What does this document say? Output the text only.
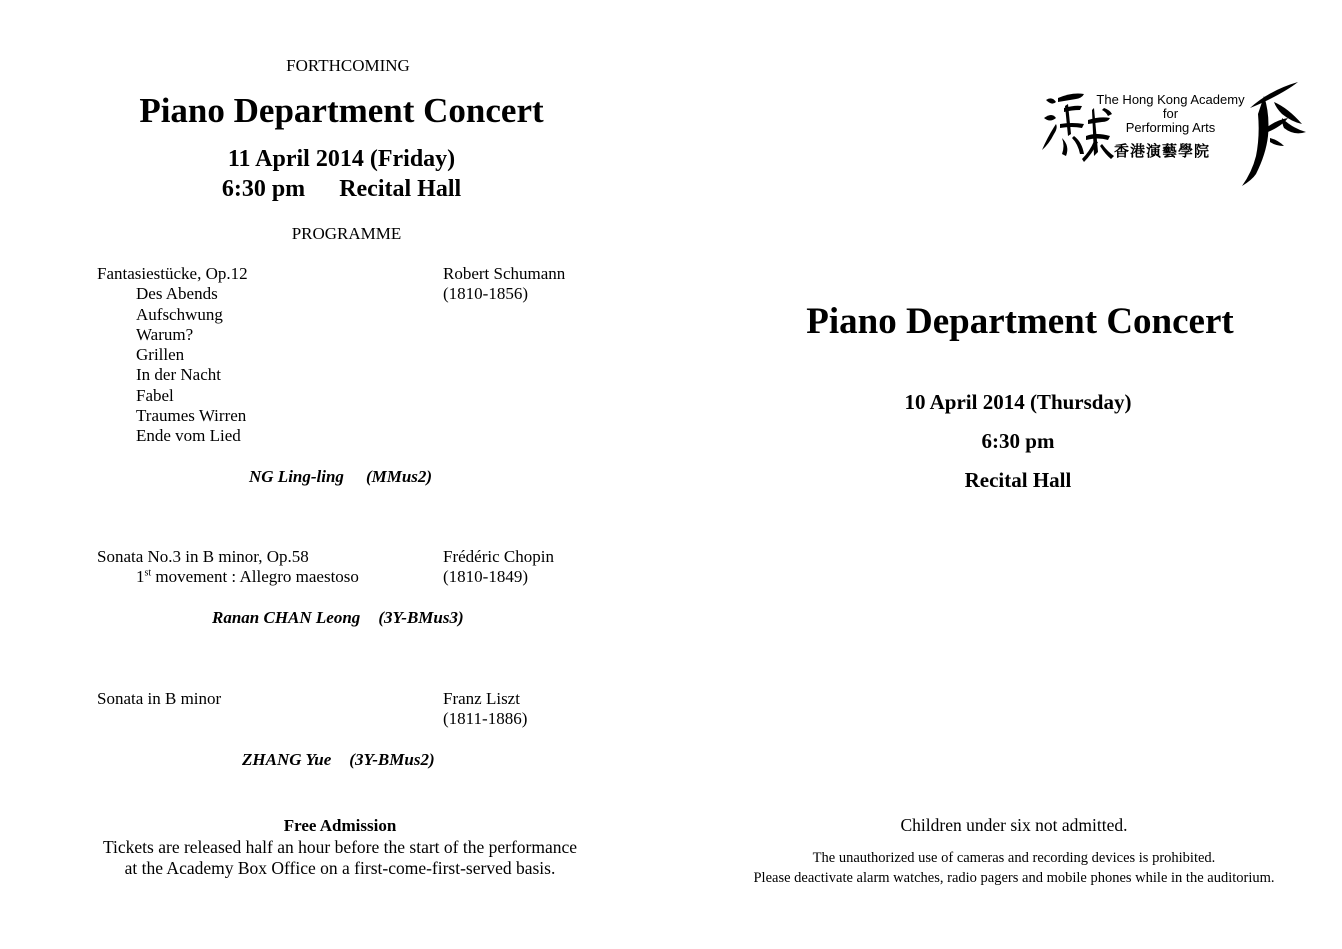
FORTHCOMING
Piano Department Concert
11 April 2014 (Friday)
6:30 pm Recital Hall
PROGRAMME
Fantasiestücke, Op.12	Robert Schumann
(1810-1856)
Des Abends
Aufschwung
Warum?
Grillen
In der Nacht
Fabel
Traumes Wirren
Ende vom Lied
NG Ling-ling (MMus2)
Sonata No.3 in B minor, Op.58	Frédéric Chopin
(1810-1849)
1st movement : Allegro maestoso
Ranan CHAN Leong (3Y-BMus3)
Sonata in B minor	Franz Liszt
(1811-1886)
ZHANG Yue (3Y-BMus2)
Free Admission
Tickets are released half an hour before the start of the performance
at the Academy Box Office on a first-come-first-served basis.
The Hong Kong Academy
for
Performing Arts
香港演藝學院
Piano Department Concert
10 April 2014 (Thursday)
6:30 pm
Recital Hall
Children under six not admitted.
The unauthorized use of cameras and recording devices is prohibited.
Please deactivate alarm watches, radio pagers and mobile phones while in the auditorium.
